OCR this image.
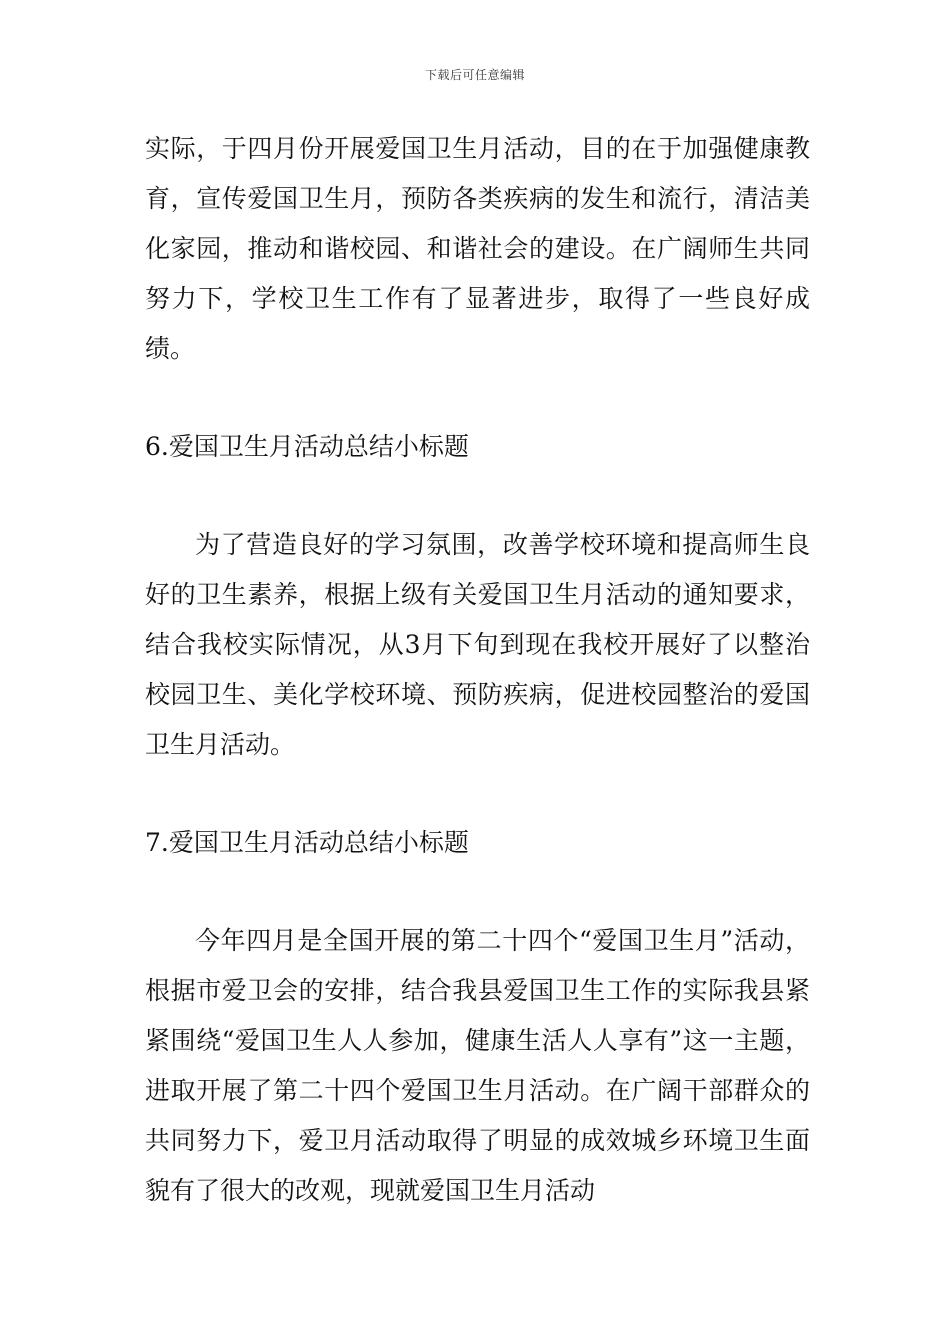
下载后可任意编辑

实际，于四月份开展爱国卫生月活动，目的在于加强健康教育，宣传爱国卫生月，预防各类疾病的发生和流行，清洁美化家园，推动和谐校园、和谐社会的建设。在广阔师生共同努力下，学校卫生工作有了显著进步，取得了一些良好成绩。

6.爱国卫生月活动总结小标题

为了营造良好的学习氛围，改善学校环境和提高师生良好的卫生素养，根据上级有关爱国卫生月活动的通知要求，结合我校实际情况，从3月下旬到现在我校开展好了以整治校园卫生、美化学校环境、预防疾病，促进校园整治的爱国卫生月活动。

7.爱国卫生月活动总结小标题

今年四月是全国开展的第二十四个“爱国卫生月”活动，根据市爱卫会的安排，结合我县爱国卫生工作的实际我县紧紧围绕“爱国卫生人人参加，健康生活人人享有”这一主题，进取开展了第二十四个爱国卫生月活动。在广阔干部群众的共同努力下，爱卫月活动取得了明显的成效城乡环境卫生面貌有了很大的改观，现就爱国卫生月活动
